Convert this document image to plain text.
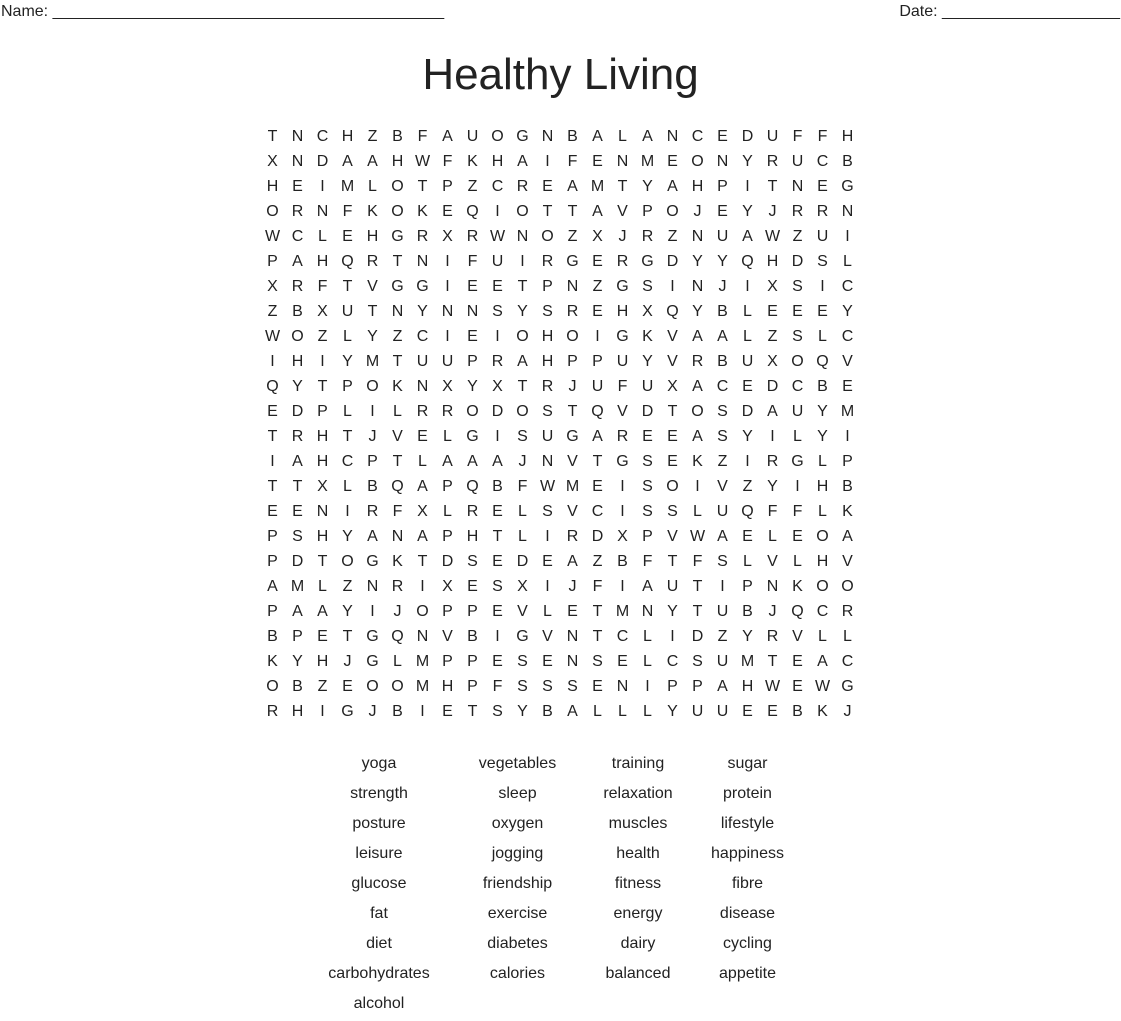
Name: ____________________________________________	Date: ____________________
Healthy Living
T N C H Z B F A U O G N B A L A N C E D U F F H
X N D A A H W F K H A	I	F E N M E O N Y R U C B
H E	I	M L O T P Z C R E A M T Y A H P	I	T N E G
O R N F K O K E Q	I	O T T A V P O J E Y J R R N
W C L E H G R X R W N O Z X J R Z N U A W Z U	I
P A H Q R T N	I	F U	I	R G E R G D Y Y Q H D S L
X R F T V G G	I	E E T P N Z G S	I	N J	I	X S	I	C
Z B X U T N Y N N S Y S R E H X Q Y B L E E E Y
W O Z L Y Z C	I	E	I	O H O	I	G K V A A L Z S L C
I	H	I	Y M T U U P R A H P P U Y V R B U X O Q V
Q Y T P O K N X Y X T R J U F U X A C E D C B E
E D P L	I	L R R O D O S T Q V D T O S D A U Y M
T R H T	J V E L G	I	S U G A R E E A S Y	I	L Y	I
I	A H C P T L A A A J N V T G S E K Z	I	R G L P
T T X L B Q A P Q B F W M E	I	S O	I	V Z Y	I	H B
E E N	I	R F X L R E L S V C	I	S S L U Q F F L K
P S H Y A N A P H T L	I	R D X P V W A E L E O A
P D T O G K T D S E D E A Z B F T F S L V L H V
A M L Z N R	I	X E S X	I	J	F	I	A U T	I	P N K O O
P A A Y	I	J O P P E V L E T M N Y T U B J Q C R
B P E T G Q N V B	I	G V N T C L	I	D Z Y R V L	L
K Y H J G L M P P E S E N S E L C S U M T E A C
O B Z E O O M H P F S S S E N	I	P P A H W E W G
R H	I	G J B	I	E T S Y B A L	L	L Y U U E E B K J
yoga	vegetables	training	sugar
strength	sleep	relaxation	protein
posture	oxygen	muscles	lifestyle
leisure	jogging	health	happiness
glucose	friendship	fitness	fibre
fat	exercise	energy	disease
diet	diabetes	dairy	cycling
carbohydrates	calories	balanced	appetite
alcohol
